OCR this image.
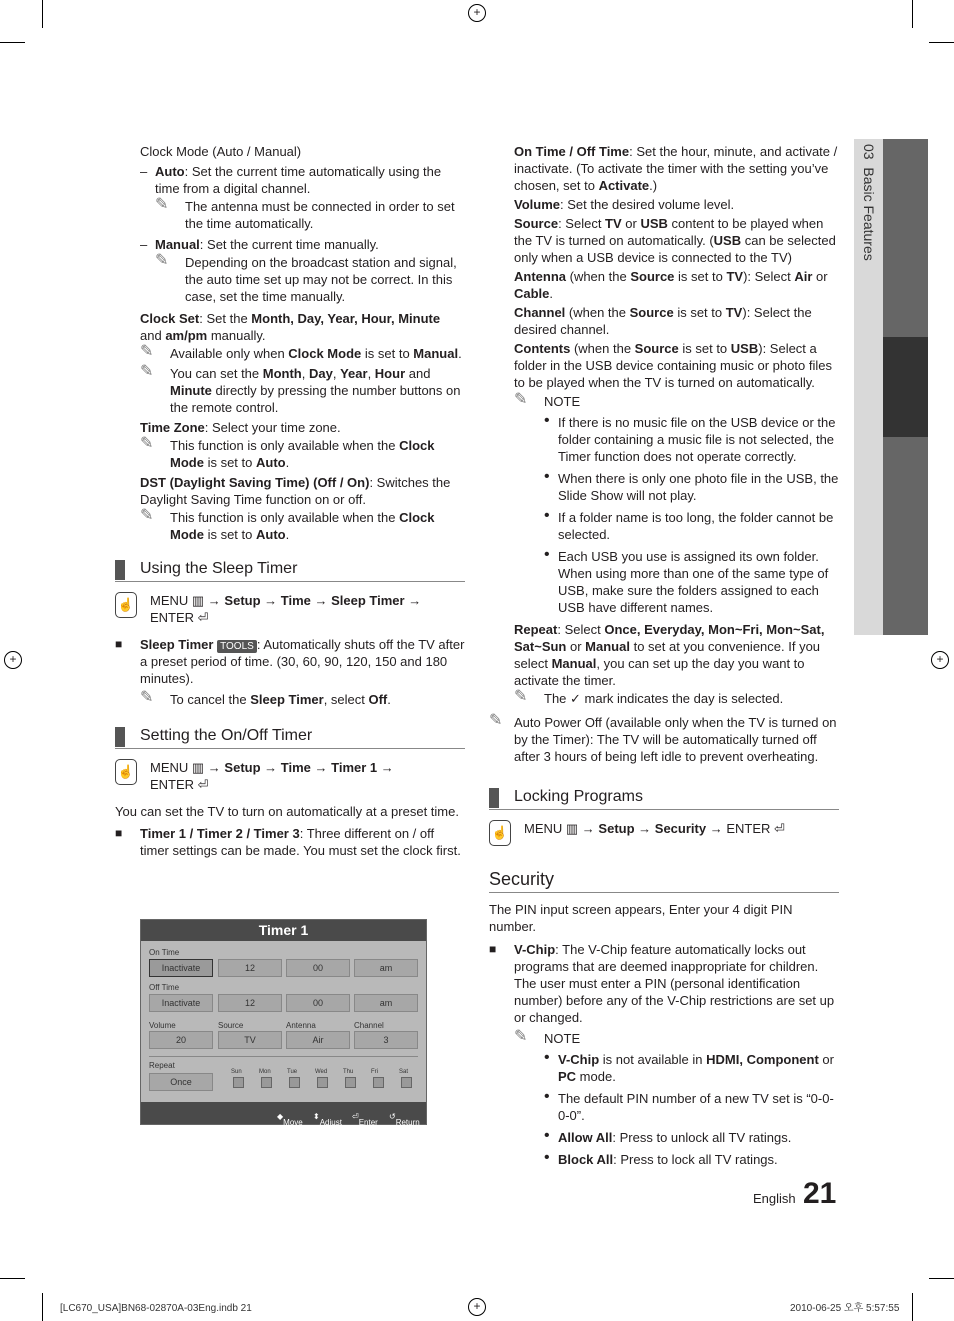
+
+	+
+
03  Basic Features

Clock Mode (Auto / Manual)

– Auto: Set the current time automatically using the time from a digital channel.
✎ The antenna must be connected in order to set the time automatically.
– Manual: Set the current time manually.
✎ Depending on the broadcast station and signal, the auto time set up may not be correct. In this case, set the time manually.

Clock Set: Set the Month, Day, Year, Hour, Minute and am/pm manually.

✎ Available only when Clock Mode is set to Manual.
✎ You can set the Month, Day, Year, Hour and Minute directly by pressing the number buttons on the remote control.

Time Zone: Select your time zone.

✎ This function is only available when the Clock Mode is set to Auto.

DST (Daylight Saving Time) (Off / On): Switches the Daylight Saving Time function on or off.

✎ This function is only available when the Clock Mode is set to Auto.
Using the Sleep Timer
☝ MENU ▥ → Setup → Time → Sleep Timer →
ENTER ⏎
■ Sleep Timer TOOLS : Automatically shuts off the TV after a preset period of time. (30, 60, 90, 120, 150 and 180 minutes).
✎ To cancel the Sleep Timer, select Off.
Setting the On/Off Timer
☝ MENU ▥ → Setup → Time → Timer 1 →
ENTER ⏎

You can set the TV to turn on automatically at a preset time.

■ Timer 1 / Timer 2 / Timer 3: Three different on / off timer settings can be made. You must set the clock first.
Timer 1
On Time
Inactivate	12	00	am
Off Time
Inactivate	12	00	am
Volume	Source	Antenna	Channel
20	TV	Air	3
Repeat
Once
◆
Move
⬍
Adjust
⏎
Enter
↺
Return
Sun	Mon	Tue	Wed	Thu	Fri	Sat

On Time / Off Time: Set the hour, minute, and activate / inactivate. (To activate the timer with the setting you’ve chosen, set to Activate.)

Volume: Set the desired volume level.

Source: Select TV or USB content to be played when the TV is turned on automatically. (USB can be selected only when a USB device is connected to the TV)

Antenna (when the Source is set to TV): Select Air or Cable.

Channel (when the Source is set to TV): Select the desired channel.

Contents (when the Source is set to USB): Select a folder in the USB device containing music or photo files to be played when the TV is turned on automatically.

✎ NOTE
• If there is no music file on the USB device or the folder containing a music file is not selected, the Timer function does not operate correctly.
• When there is only one photo file in the USB, the Slide Show will not play.
• If a folder name is too long, the folder cannot be selected.
• Each USB you use is assigned its own folder. When using more than one of the same type of USB, make sure the folders assigned to each USB have different names.

Repeat: Select Once, Everyday, Mon~Fri, Mon~Sat, Sat~Sun or Manual to set at you convenience. If you select Manual, you can set up the day you want to activate the timer.

✎ The ✓ mark indicates the day is selected.
✎ Auto Power Off (available only when the TV is turned on by the Timer): The TV will be automatically turned off after 3 hours of being left idle to prevent overheating.
Locking Programs
☝ MENU ▥ → Setup → Security → ENTER ⏎
Security

The PIN input screen appears, Enter your 4 digit PIN number.

■ V-Chip: The V-Chip feature automatically locks out programs that are deemed inappropriate for children. The user must enter a PIN (personal identification number) before any of the V-Chip restrictions are set up or changed.
✎ NOTE
• V-Chip is not available in HDMI, Component or PC mode.
• The default PIN number of a new TV set is “0-0-0-0”.
• Allow All: Press to unlock all TV ratings.
• Block All: Press to lock all TV ratings.
English 21
[LC670_USA]BN68-02870A-03Eng.indb 21	2010-06-25 오후 5:57:55
